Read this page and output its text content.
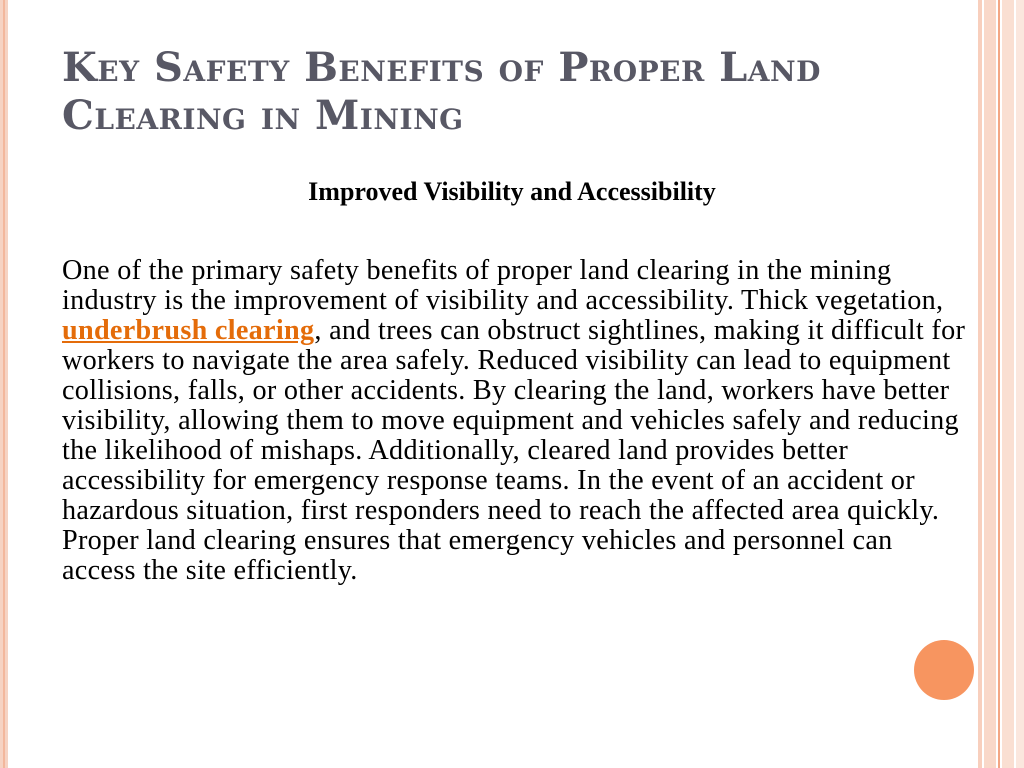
Key Safety Benefits of Proper Land Clearing in Mining
Improved Visibility and Accessibility

One of the primary safety benefits of proper land clearing in the mining industry is the improvement of visibility and accessibility. Thick vegetation, underbrush clearing, and trees can obstruct sightlines, making it difficult for workers to navigate the area safely. Reduced visibility can lead to equipment collisions, falls, or other accidents. By clearing the land, workers have better visibility, allowing them to move equipment and vehicles safely and reducing the likelihood of mishaps. Additionally, cleared land provides better accessibility for emergency response teams. In the event of an accident or hazardous situation, first responders need to reach the affected area quickly. Proper land clearing ensures that emergency vehicles and personnel can access the site efficiently.
